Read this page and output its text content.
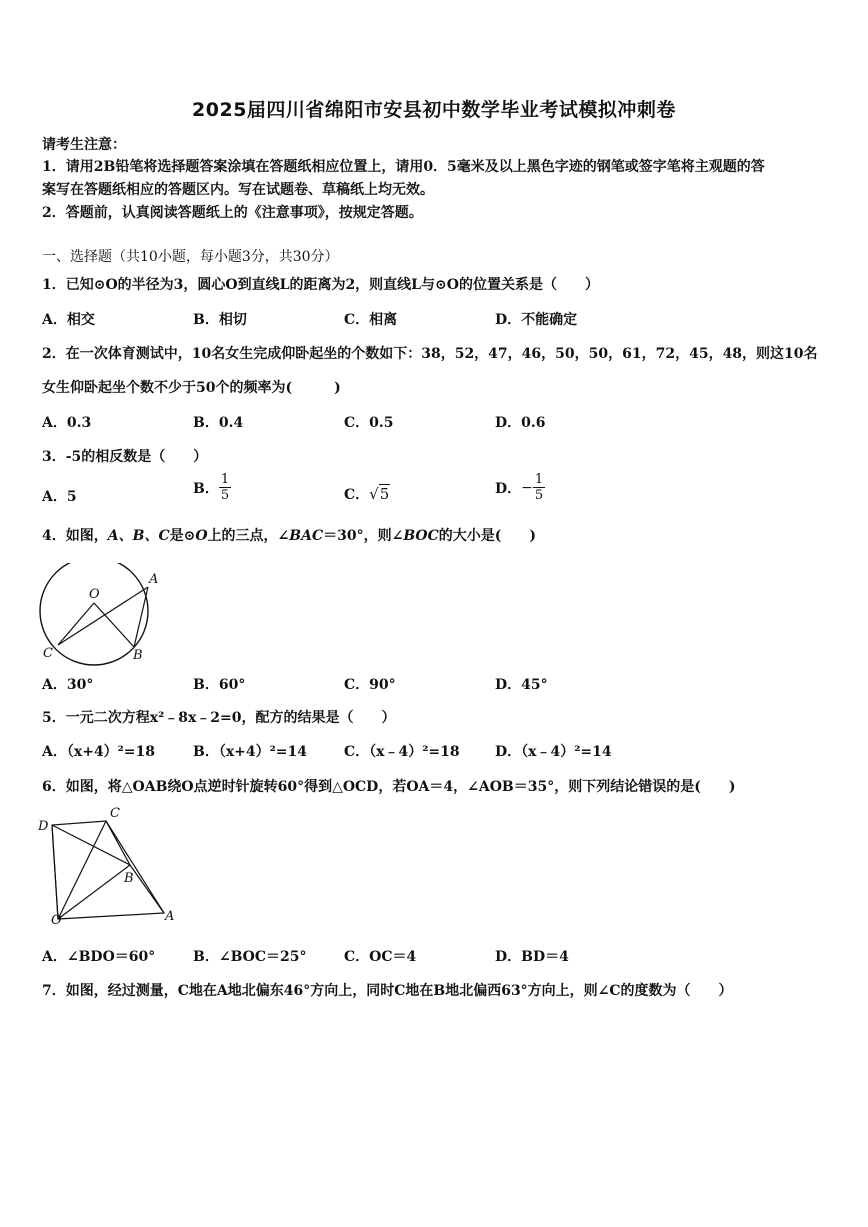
2025届四川省绵阳市安县初中数学毕业考试模拟冲刺卷
请考生注意：
1．请用2B铅笔将选择题答案涂填在答题纸相应位置上，请用0．5毫米及以上黑色字迹的钢笔或签字笔将主观题的答
案写在答题纸相应的答题区内。写在试题卷、草稿纸上均无效。
2．答题前，认真阅读答题纸上的《注意事项》，按规定答题。
一、选择题（共10小题，每小题3分，共30分）
1．已知⊙O的半径为3，圆心O到直线L的距离为2，则直线L与⊙O的位置关系是（　　）
A．相交	B．相切	C．相离	D．不能确定
2．在一次体育测试中，10名女生完成仰卧起坐的个数如下：38，52，47，46，50，50，61，72，45，48，则这10名
女生仰卧起坐个数不少于50个的频率为(　　　)
A．0.3	B．0.4	C．0.5	D．0.6
3．-5的相反数是（　　）
A．5
B． $\frac{1}{5}$	C．√5	D．− $\frac{1}{5}$
4．如图，A、B、C是⊙O上的三点，∠BAC＝30°，则∠BOC的大小是(　　)
O
A
C	B
A．30°	B．60°	C．90°	D．45°
5．一元二次方程x²﹣8x﹣2=0，配方的结果是（　　）
A．（x+4）²=18	B．（x+4）²=14	C．（x﹣4）²=18	D．（x﹣4）²=14
6．如图，将△OAB绕O点逆时针旋转60°得到△OCD，若OA＝4，∠AOB＝35°，则下列结论错误的是(　　)
D
C
B
O	A
A．∠BDO＝60°	B．∠BOC＝25°	C．OC＝4	D．BD＝4
7．如图，经过测量，C地在A地北偏东46°方向上，同时C地在B地北偏西63°方向上，则∠C的度数为（　　）
